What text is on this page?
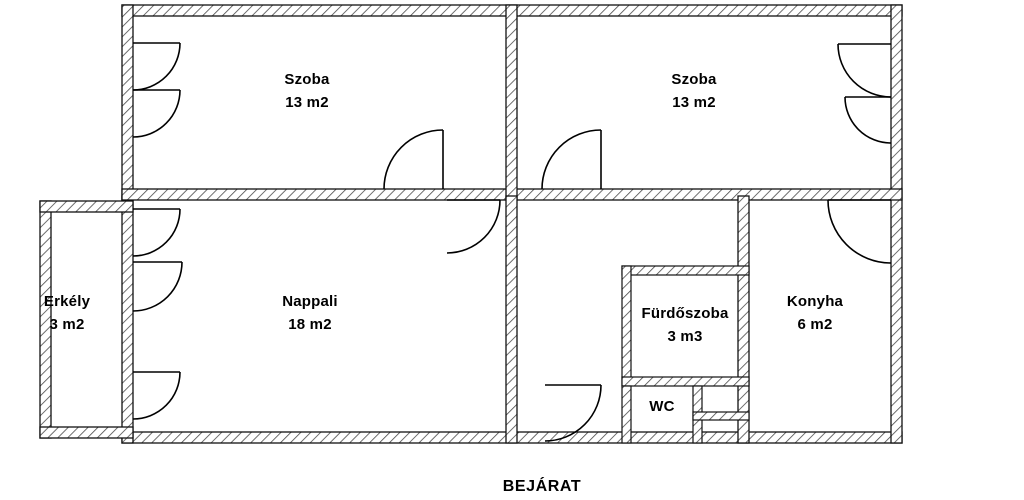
Szoba
13 m2
Szoba
13 m2
Nappali
18 m2
Fürdőszoba
3 m3
Konyha
6 m2
Erkély
3 m2
WC
BEJÁRAT
